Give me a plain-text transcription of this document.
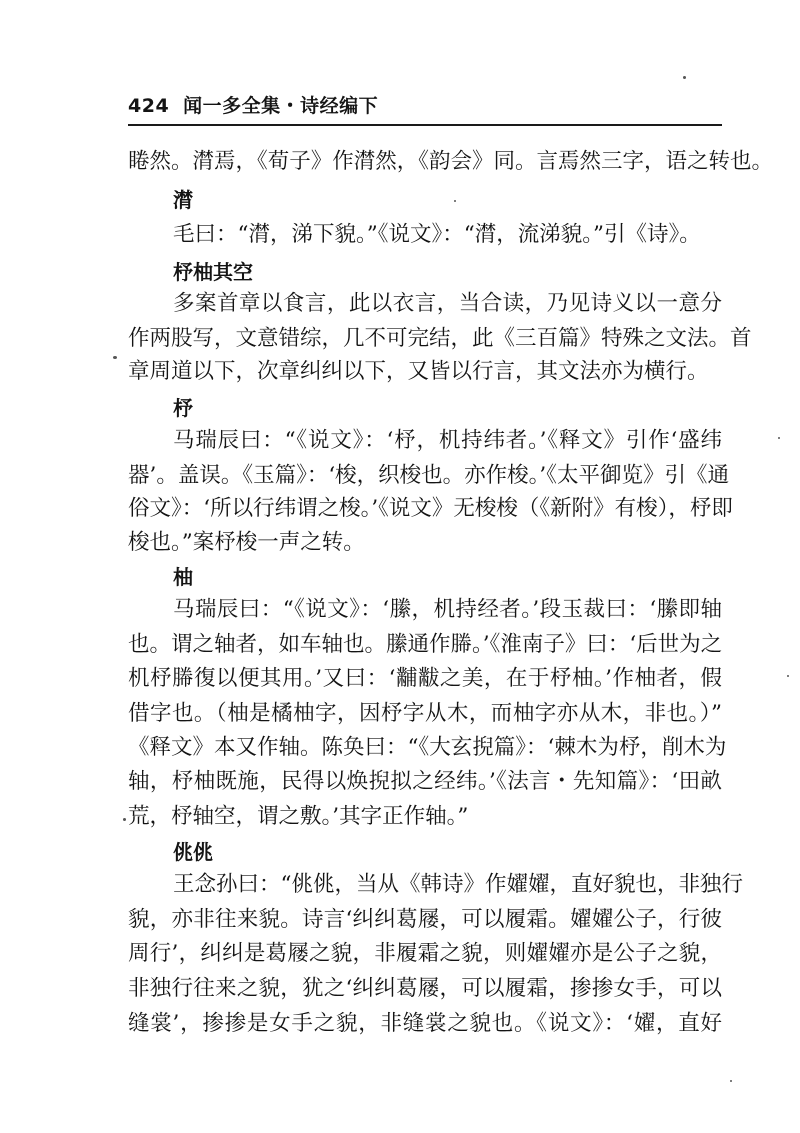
424 闻一多全集・诗经编下
睠然。潸焉，《荀子》作潸然，《韵会》同。言焉然三字，语之转也。
潸
毛曰：“潸，涕下貌。”《说文》：“潸，流涕貌。”引《诗》。
杼柚其空
多案首章以食言，此以衣言，当合读，乃见诗义以一意分
作两股写，文意错综，几不可完结，此《三百篇》特殊之文法。首
章周道以下，次章纠纠以下，又皆以行言，其文法亦为横行。
杼
马瑞辰曰：“《说文》：‘杼，机持纬者。’《释文》引作‘盛纬
器’。盖误。《玉篇》：‘梭，织梭也。亦作梭。’《太平御览》引《通
俗文》：‘所以行纬谓之梭。’《说文》无梭梭（《新附》有梭），杼即
梭也。”案杼梭一声之转。
柚
马瑞辰曰：“《说文》：‘縢，机持经者。’段玉裁曰：‘縢即轴
也。谓之轴者，如车轴也。縢通作幐。’《淮南子》曰：‘后世为之
机杼幐復以便其用。’又曰：‘黼黻之美，在于杼柚。’作柚者，假
借字也。（柚是橘柚字，因杼字从木，而柚字亦从木，非也。）”
《释文》本又作轴。陈奂曰：“《大玄掜篇》：‘棘木为杼，削木为
轴，杼柚既施，民得以焕掜拟之经纬。’《法言・先知篇》：‘田畝
荒，杼轴空，谓之敷。’其字正作轴。”
佻佻
王念孙曰：“佻佻，当从《韩诗》作嬥嬥，直好貌也，非独行
貌，亦非往来貌。诗言‘纠纠葛屦，可以履霜。嬥嬥公子，行彼
周行’，纠纠是葛屦之貌，非履霜之貌，则嬥嬥亦是公子之貌，
非独行往来之貌，犹之‘纠纠葛屦，可以履霜，掺掺女手，可以
缝裳’，掺掺是女手之貌，非缝裳之貌也。《说文》：‘嬥，直好
